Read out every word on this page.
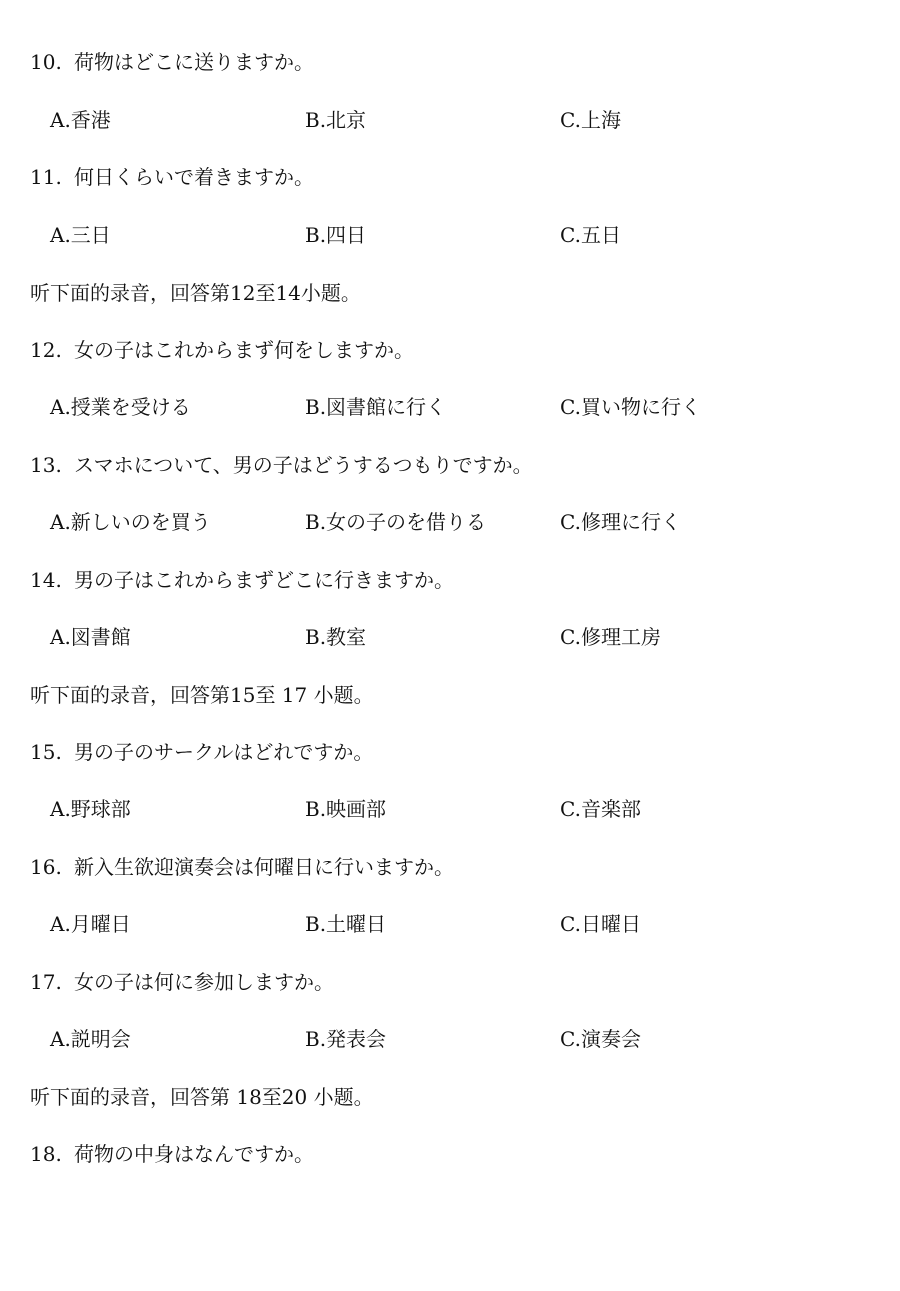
10. 荷物はどこに送りますか。
A.香港	B.北京	C.上海
11. 何日くらいで着きますか。
A.三日	B.四日	C.五日
听下面的录音，回答第12至14小题。
12. 女の子はこれからまず何をしますか。
A.授業を受ける	B.図書館に行く	C.買い物に行く
13. スマホについて、男の子はどうするつもりですか。
A.新しいのを買う	B.女の子のを借りる	C.修理に行く
14. 男の子はこれからまずどこに行きますか。
A.図書館	B.教室	C.修理工房
听下面的录音，回答第15至 17 小题。
15. 男の子のサークルはどれですか。
A.野球部	B.映画部	C.音楽部
16. 新入生欲迎演奏会は何曜日に行いますか。
A.月曜日	B.土曜日	C.日曜日
17. 女の子は何に参加しますか。
A.説明会	B.発表会	C.演奏会
听下面的录音，回答第 18至20 小题。
18. 荷物の中身はなんですか。
